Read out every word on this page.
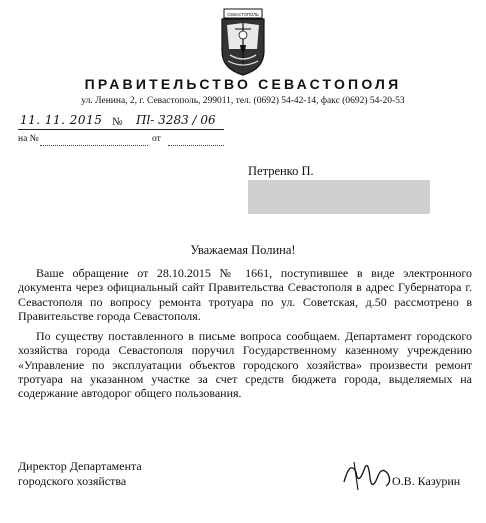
СЕВАСТОПОЛЬ
ПРАВИТЕЛЬСТВО СЕВАСТОПОЛЯ
ул. Ленина, 2, г. Севастополь, 299011, тел. (0692) 54-42-14, факс (0692) 54-20-53
11. 11. 2015 № Пl- 3283 / 06
на №	от
Петренко П.
Уважаемая Полина!

Ваше обращение от 28.10.2015 № 1661, поступившее в виде электронного документа через официальный сайт Правительства Севастополя в адрес Губернатора г. Севастополя по вопросу ремонта тротуара по ул. Советская, д.50 рассмотрено в Правительстве города Севастополя.

По существу поставленного в письме вопроса сообщаем. Департамент городского хозяйства города Севастополя поручил Государственному казенному учреждению «Управление по эксплуатации объектов городского хозяйства» произвести ремонт тротуара на указанном участке за счет средств бюджета города, выделяемых на содержание автодорог общего пользования.

Директор Департамента
городского хозяйства	О.В. Казурин
